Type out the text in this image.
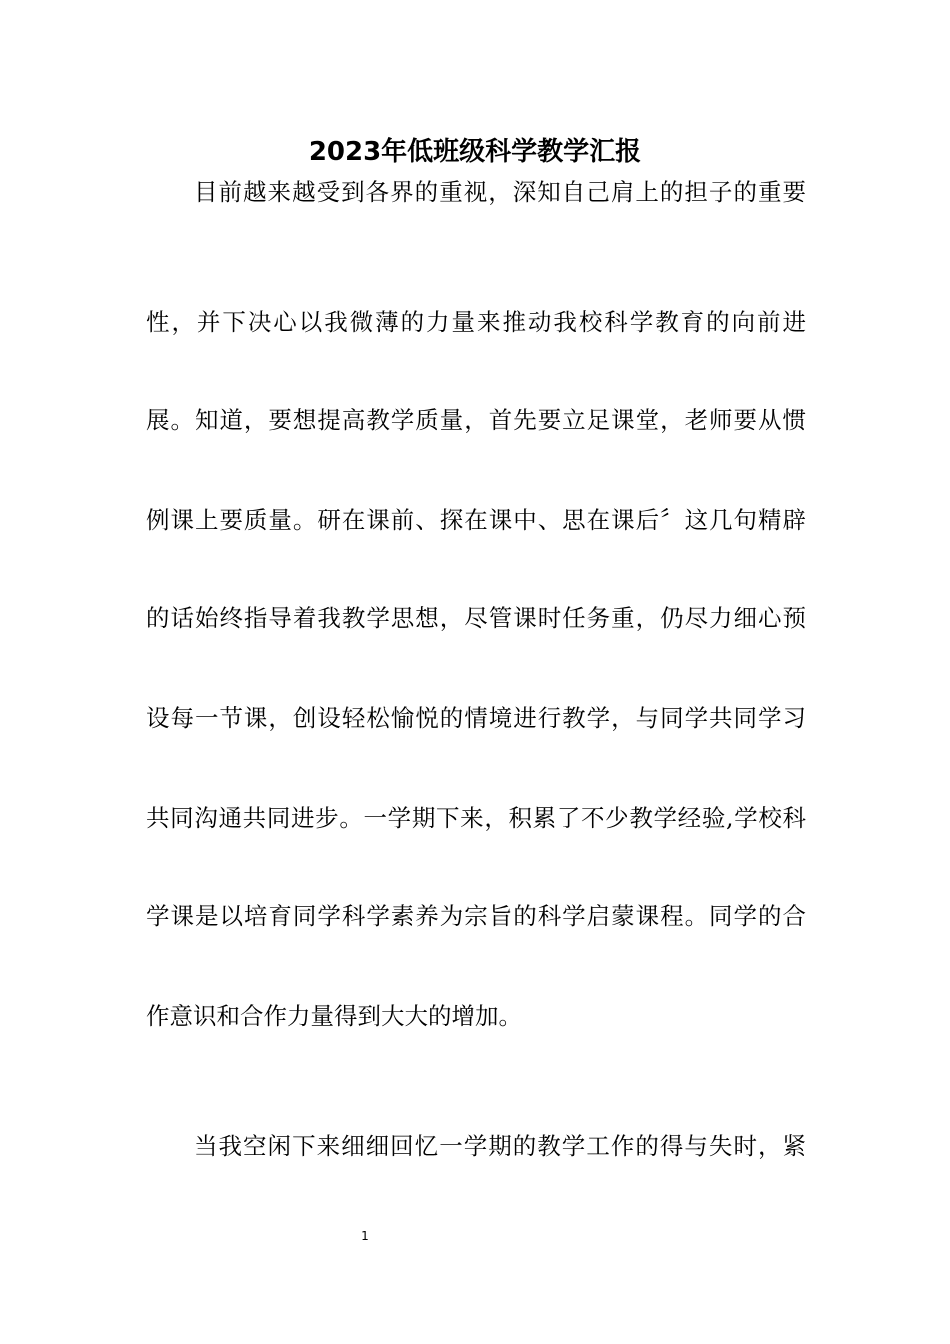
2023年低班级科学教学汇报
目前越来越受到各界的重视，深知自己肩上的担子的重要
性，并下决心以我微薄的力量来推动我校科学教育的向前进
展。知道，要想提高教学质量，首先要立足课堂，老师要从惯
例课上要质量。研在课前、探在课中、思在课后〞这几句精辟
的话始终指导着我教学思想，尽管课时任务重，仍尽力细心预
设每一节课，创设轻松愉悦的情境进行教学，与同学共同学习
共同沟通共同进步。一学期下来，积累了不少教学经验,学校科
学课是以培育同学科学素养为宗旨的科学启蒙课程。同学的合
作意识和合作力量得到大大的增加。
当我空闲下来细细回忆一学期的教学工作的得与失时，紧
1
